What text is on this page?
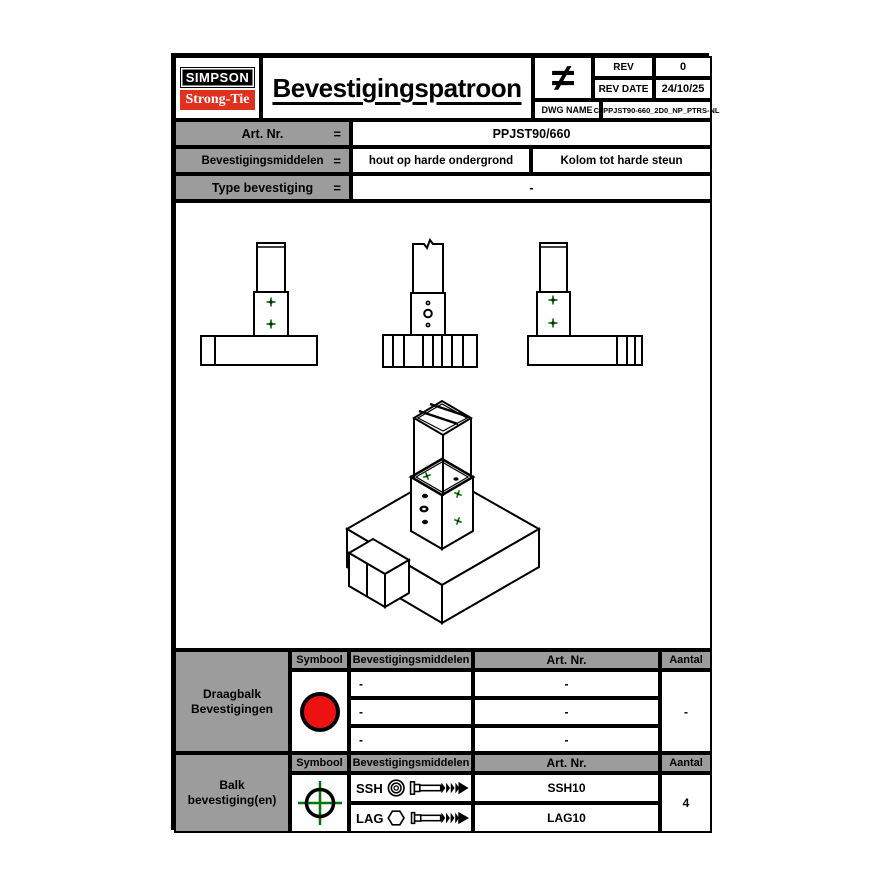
SIMPSON
Strong-Tie Bevestigingspatroon ≠	REV	0
REV DATE 24/10/25
DWG NAME C_PPJST90-660_2D0_NP_PTRS-NL
Art. Nr.	=	PPJST90/660
Bevestigingsmiddelen = hout op harde ondergrond	Kolom tot harde steun
Type bevestiging =	-
Draagbalk
Bevestigingen
Symbool Bevestigingsmiddelen	Art. Nr.	Aantal
-	-
-	-
-	-
-
Balk
bevestiging(en)
Symbool Bevestigingsmiddelen	Art. Nr.	Aantal
SSH	SSH10
LAG	LAG10
4
